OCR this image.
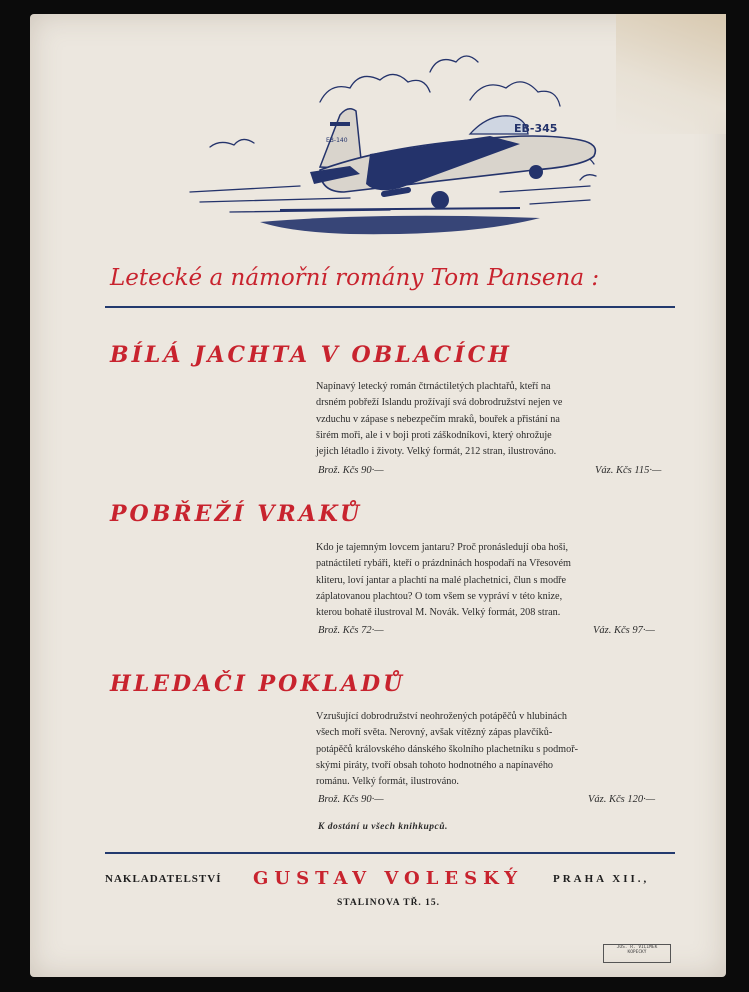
EB-345
EB-140
Letecké a námořní romány Tom Pansena :
BÍLÁ JACHTA V OBLACÍCH
Napínavý letecký román čtrnáctiletých plachtařů, kteří na
drsném pobřeží Islandu prožívají svá dobrodružství nejen ve
vzduchu v zápase s nebezpečím mraků, bouřek a přistání na
širém moři, ale i v boji proti záškodníkovi, který ohrožuje
jejich létadlo i životy. Velký formát, 212 stran, ilustrováno.
Brož. Kčs 90·—	Váz. Kčs 115·—
POBŘEŽÍ VRAKŮ
Kdo je tajemným lovcem jantaru? Proč pronásledují oba hoši,
patnáctiletí rybáři, kteří o prázdninách hospodaří na Vřesovém
kliteru, loví jantar a plachtí na malé plachetnici, člun s modře
záplatovanou plachtou? O tom všem se vypráví v této knize,
kterou bohatě ilustroval M. Novák. Velký formát, 208 stran.
Brož. Kčs 72·—	Váz. Kčs 97·—
HLEDAČI POKLADŮ
Vzrušující dobrodružství neohrožených potápěčů v hlubinách
všech moří světa. Nerovný, avšak vítězný zápas plavčíků-
potápěčů královského dánského školního plachetníku s podmoř-
skými piráty, tvoří obsah tohoto hodnotného a napínavého
románu. Velký formát, ilustrováno.
Brož. Kčs 90·—	Váz. Kčs 120·—
K dostání u všech knihkupců.
NAKLADATELSTVÍ GUSTAV VOLESKÝ	PRAHA XII.,
STALINOVA TŘ. 15.
JOS. R. VILÍMEK
KOPECKÝ
